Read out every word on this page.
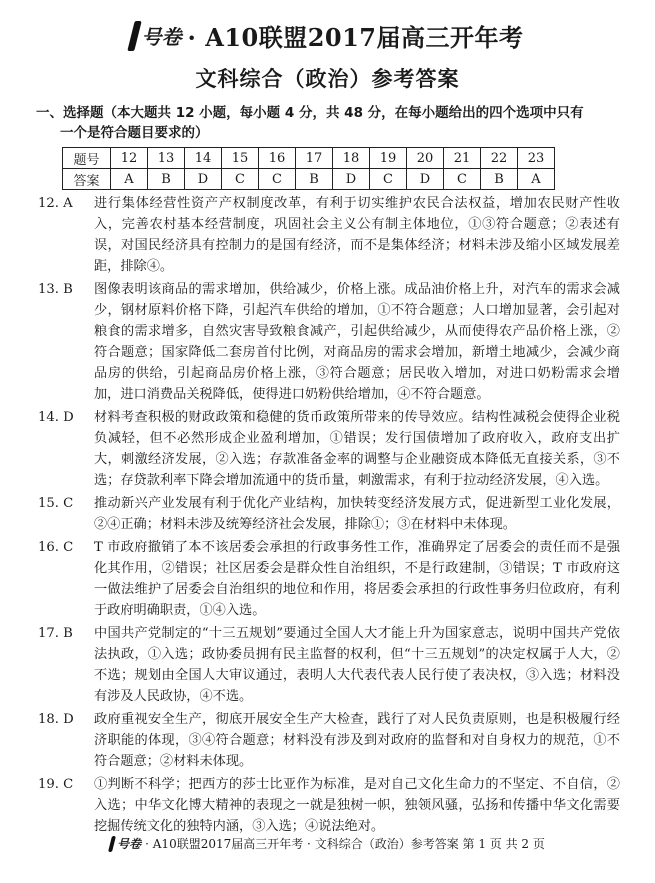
号卷 · A10联盟2017届高三开年考
文科综合（政治）参考答案
一、选择题（本大题共 12 小题，每小题 4 分，共 48 分，在每小题给出的四个选项中只有
一个是符合题目要求的）
题号	12	13	14	15	16	17	18	19	20	21	22	23
答案	A	B	D	C	C	B	D	C	D	C	B	A
12. A	进行集体经营性资产产权制度改革，有利于切实维护农民合法权益，增加农民财产性收入，完善农村基本经营制度，巩固社会主义公有制主体地位，①③符合题意；②表述有误，对国民经济具有控制力的是国有经济，而不是集体经济；材料未涉及缩小区域发展差距，排除④。
13. B	图像表明该商品的需求增加，供给减少，价格上涨。成品油价格上升，对汽车的需求会减少，钢材原料价格下降，引起汽车供给的增加，①不符合题意；人口增加显著，会引起对粮食的需求增多，自然灾害导致粮食减产，引起供给减少，从而使得农产品价格上涨，②符合题意；国家降低二套房首付比例，对商品房的需求会增加，新增土地减少，会减少商品房的供给，引起商品房价格上涨，③符合题意；居民收入增加，对进口奶粉需求会增加，进口消费品关税降低，使得进口奶粉供给增加，④不符合题意。
14. D	材料考查积极的财政政策和稳健的货币政策所带来的传导效应。结构性减税会使得企业税负减轻，但不必然形成企业盈利增加，①错误；发行国债增加了政府收入，政府支出扩大，刺激经济发展，②入选；存款准备金率的调整与企业融资成本降低无直接关系，③不选；存贷款利率下降会增加流通中的货币量，刺激需求，有利于拉动经济发展，④入选。
15. C	推动新兴产业发展有利于优化产业结构，加快转变经济发展方式，促进新型工业化发展，②④正确；材料未涉及统筹经济社会发展，排除①；③在材料中未体现。
16. C	T 市政府撤销了本不该居委会承担的行政事务性工作，准确界定了居委会的责任而不是强化其作用，②错误；社区居委会是群众性自治组织，不是行政建制，③错误；T 市政府这一做法维护了居委会自治组织的地位和作用，将居委会承担的行政性事务归位政府，有利于政府明确职责，①④入选。
17. B	中国共产党制定的“十三五规划”要通过全国人大才能上升为国家意志，说明中国共产党依法执政，①入选；政协委员拥有民主监督的权利，但“十三五规划”的决定权属于人大，②不选；规划由全国人大审议通过，表明人大代表代表人民行使了表决权，③入选；材料没有涉及人民政协，④不选。
18. D	政府重视安全生产，彻底开展安全生产大检查，践行了对人民负责原则，也是积极履行经济职能的体现，③④符合题意；材料没有涉及到对政府的监督和对自身权力的规范，①不符合题意；②材料未体现。
19. C	①判断不科学；把西方的莎士比亚作为标准，是对自己文化生命力的不坚定、不自信，②入选；中华文化博大精神的表现之一就是独树一帜，独领风骚，弘扬和传播中华文化需要挖掘传统文化的独特内涵，③入选；④说法绝对。
号卷 · A10联盟2017届高三开年考 · 文科综合（政治）参考答案 第 1 页 共 2 页
